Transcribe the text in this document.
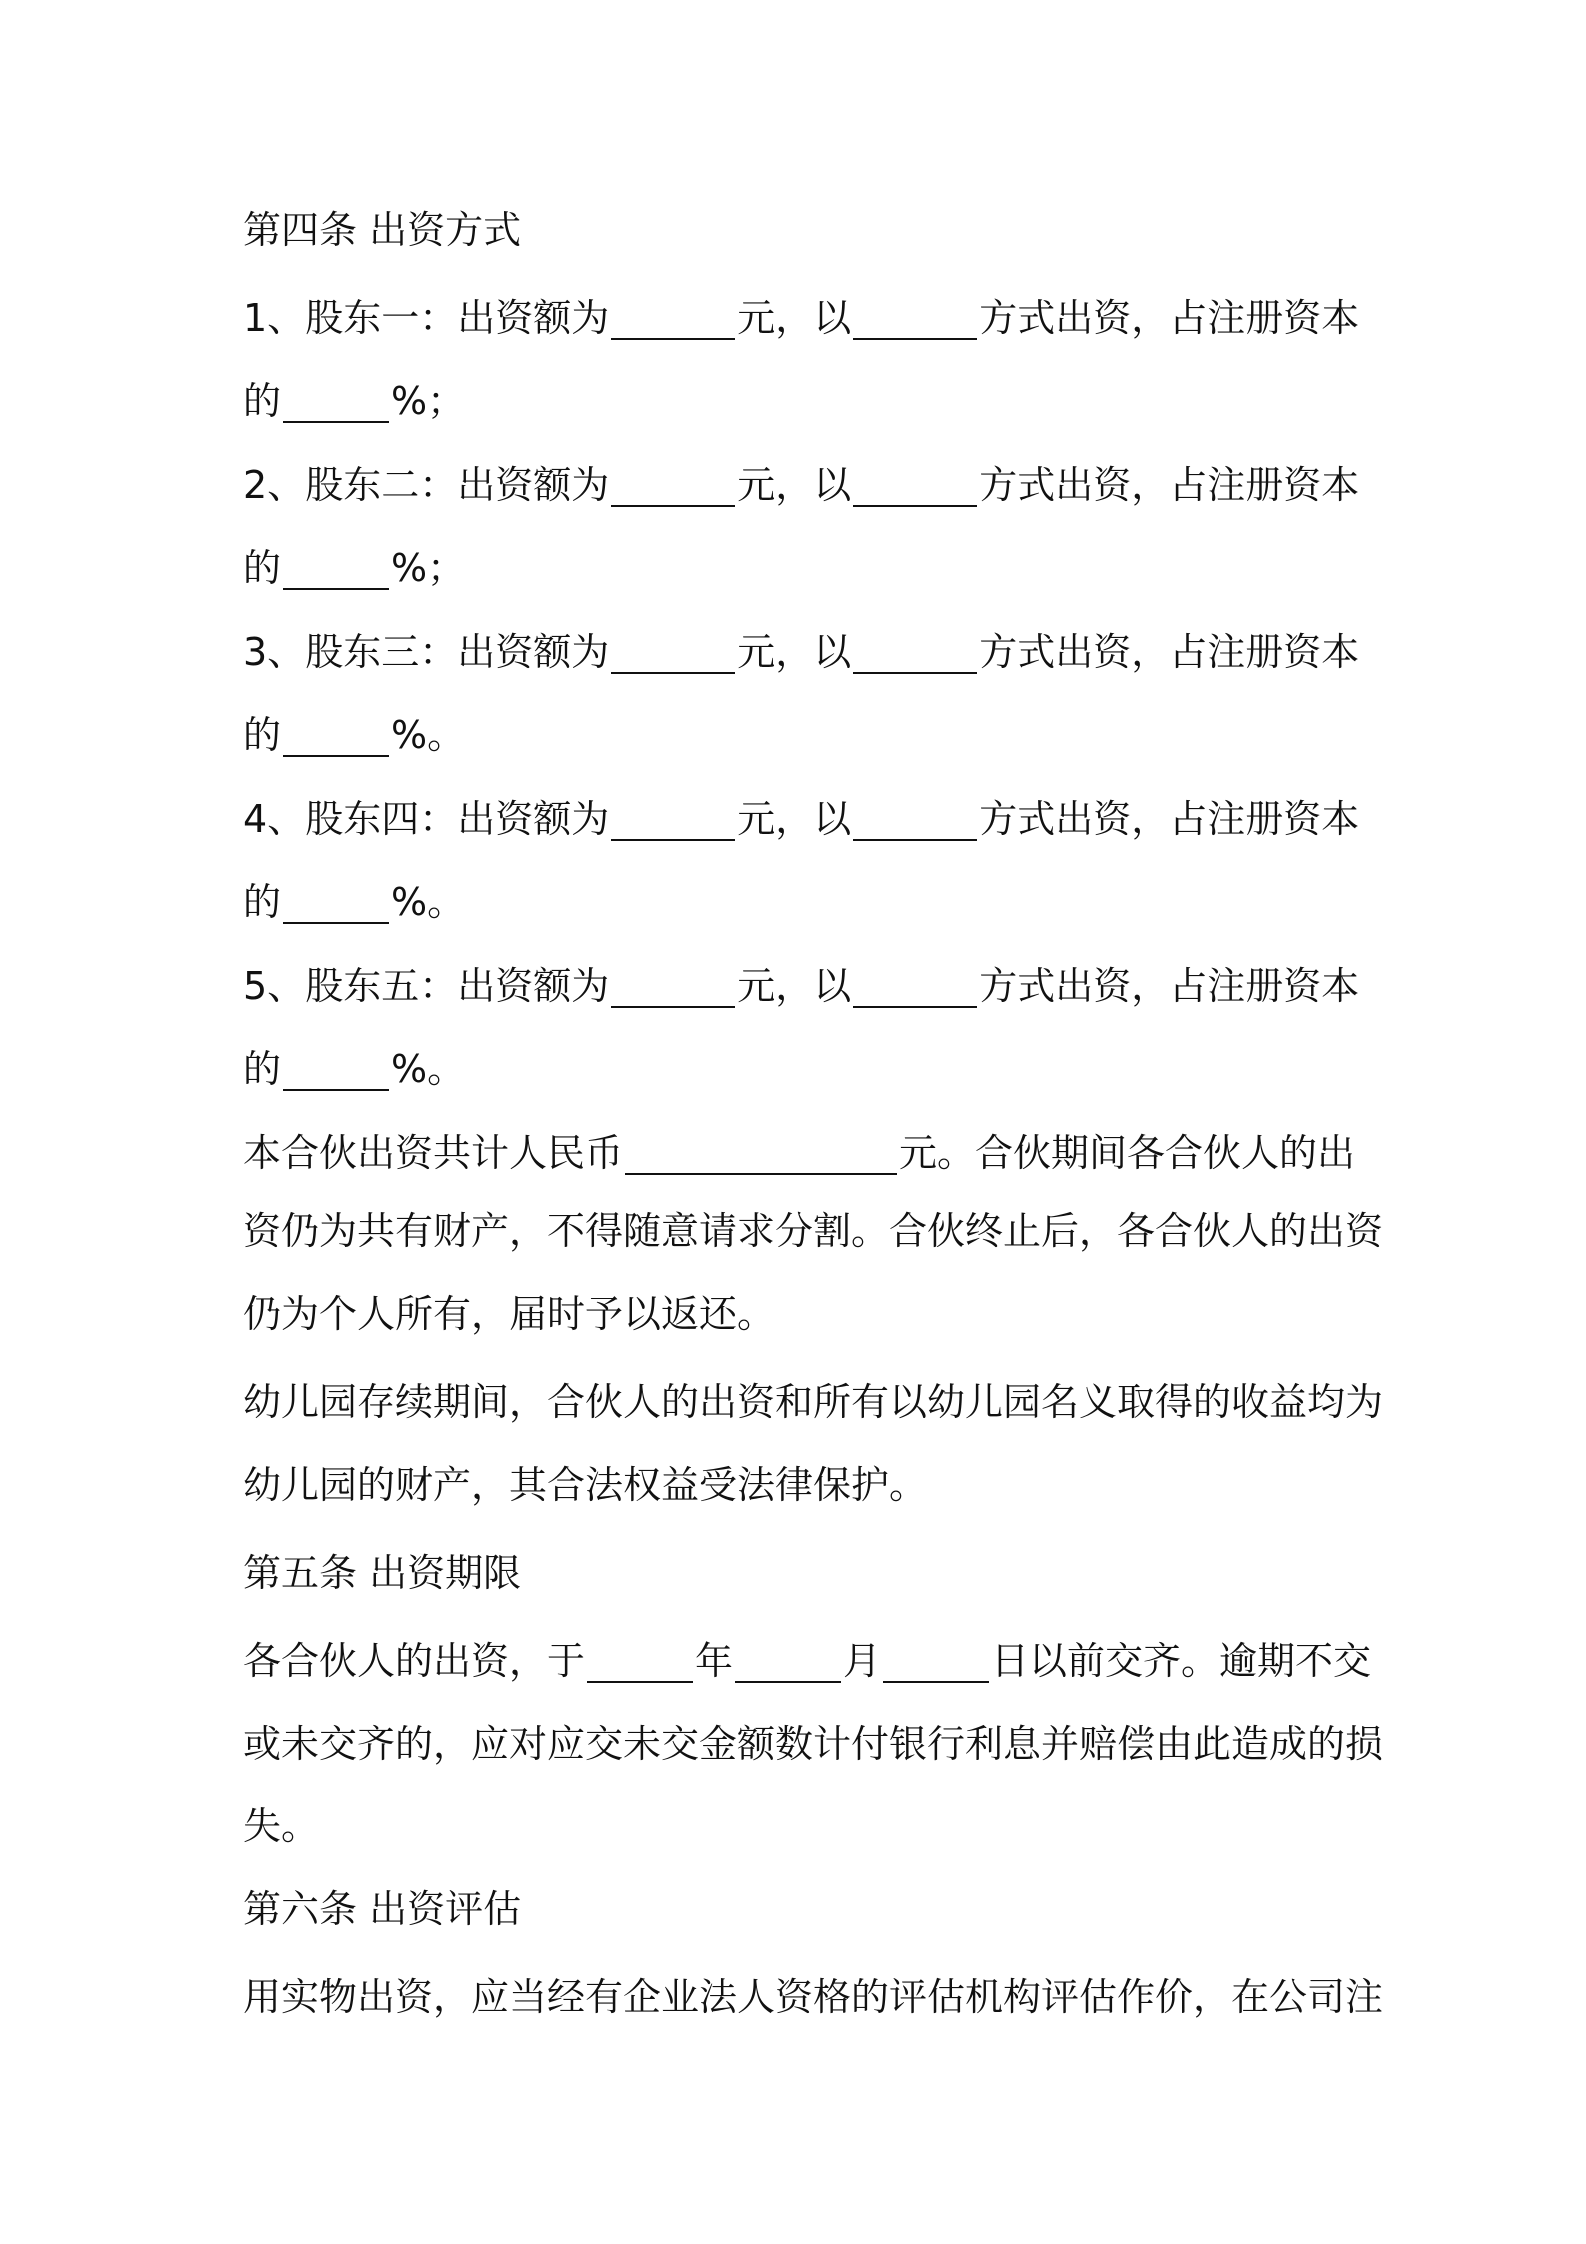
第四条 出资方式
1、股东一：出资额为	元，以	方式出资，占注册资本
的	%；
2、股东二：出资额为	元，以	方式出资，占注册资本
的	%；
3、股东三：出资额为	元，以	方式出资，占注册资本
的	%。
4、股东四：出资额为	元，以	方式出资，占注册资本
的	%。
5、股东五：出资额为	元，以	方式出资，占注册资本
的	%。
本合伙出资共计人民币	元。合伙期间各合伙人的出
资仍为共有财产，不得随意请求分割。合伙终止后，各合伙人的出资
仍为个人所有，届时予以返还。
幼儿园存续期间，合伙人的出资和所有以幼儿园名义取得的收益均为
幼儿园的财产，其合法权益受法律保护。
第五条 出资期限
各合伙人的出资，于	年	月	日以前交齐。逾期不交
或未交齐的，应对应交未交金额数计付银行利息并赔偿由此造成的损
失。
第六条 出资评估
用实物出资，应当经有企业法人资格的评估机构评估作价，在公司注
